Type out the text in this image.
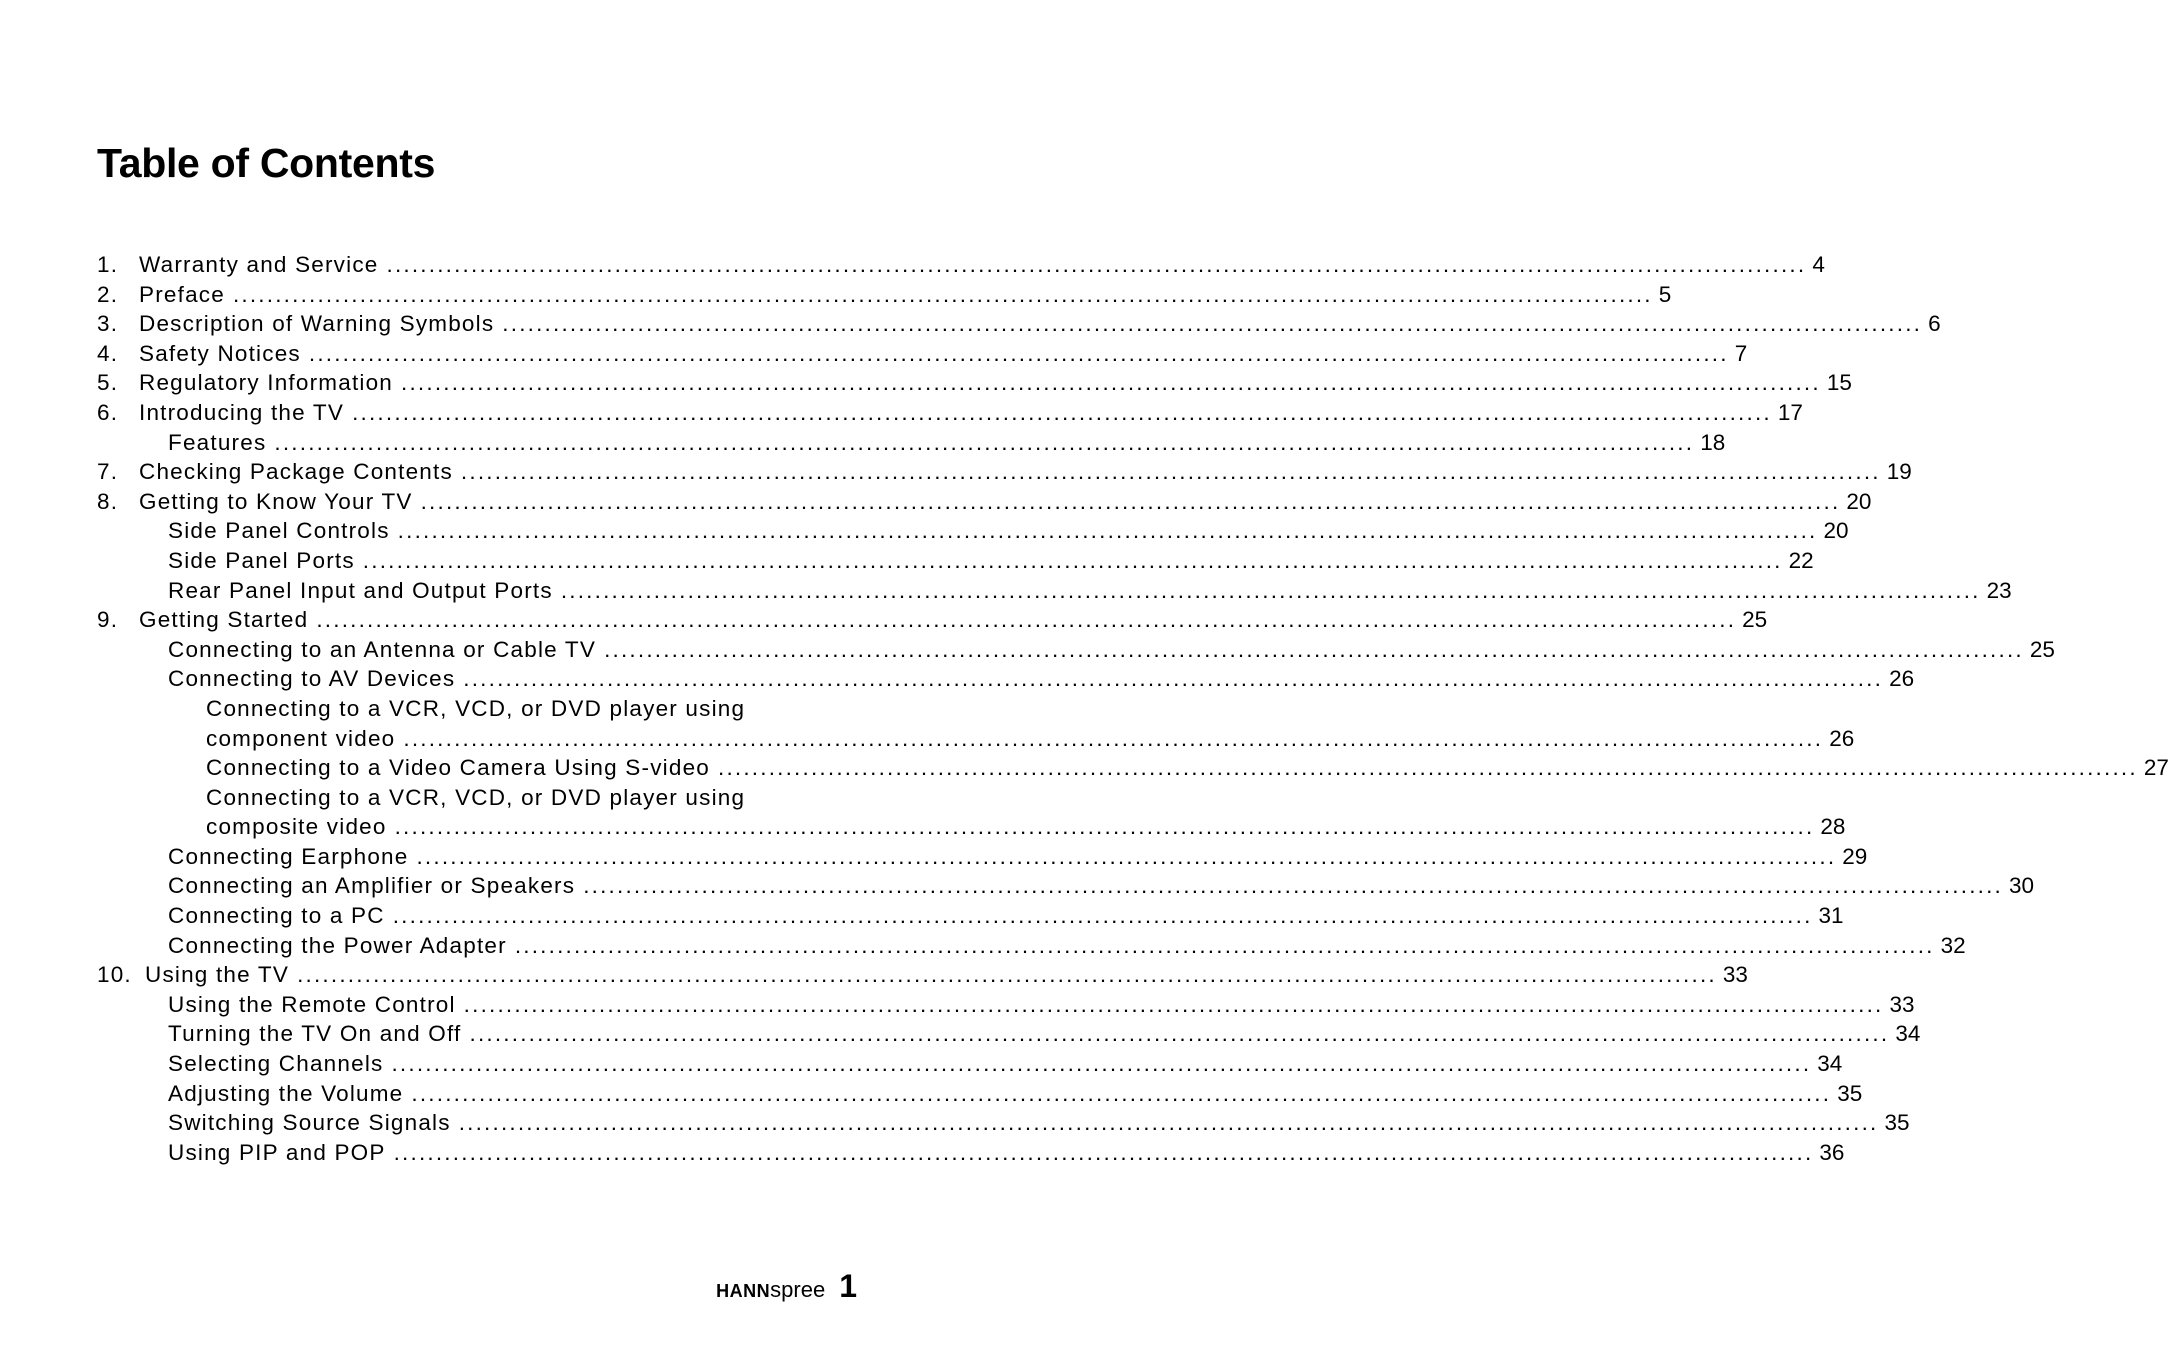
Table of Contents
1. Warranty and Service .....	4
2. Preface .....	5
3. Description of Warning Symbols .....	6
4. Safety Notices .....	7
5. Regulatory Information .....	15
6. Introducing the TV .....	17
Features .....	18
7. Checking Package Contents .....	19
8. Getting to Know Your TV .....	20
Side Panel Controls .....	20
Side Panel Ports .....	22
Rear Panel Input and Output Ports .....	23
9. Getting Started .....	25
Connecting to an Antenna or Cable TV .....	25
Connecting to AV Devices .....	26
Connecting to a VCR, VCD, or DVD player using
component video .....	26
Connecting to a Video Camera Using S-video .....	27
Connecting to a VCR, VCD, or DVD player using
composite video .....	28
Connecting Earphone .....	29
Connecting an Amplifier or Speakers .....	30
Connecting to a PC .....	31
Connecting the Power Adapter .....	32
10. Using the TV .....	33
Using the Remote Control .....	33
Turning the TV On and Off .....	34
Selecting Channels .....	34
Adjusting the Volume .....	35
Switching Source Signals .....	35
Using PIP and POP .....	36
HANNspree 1
